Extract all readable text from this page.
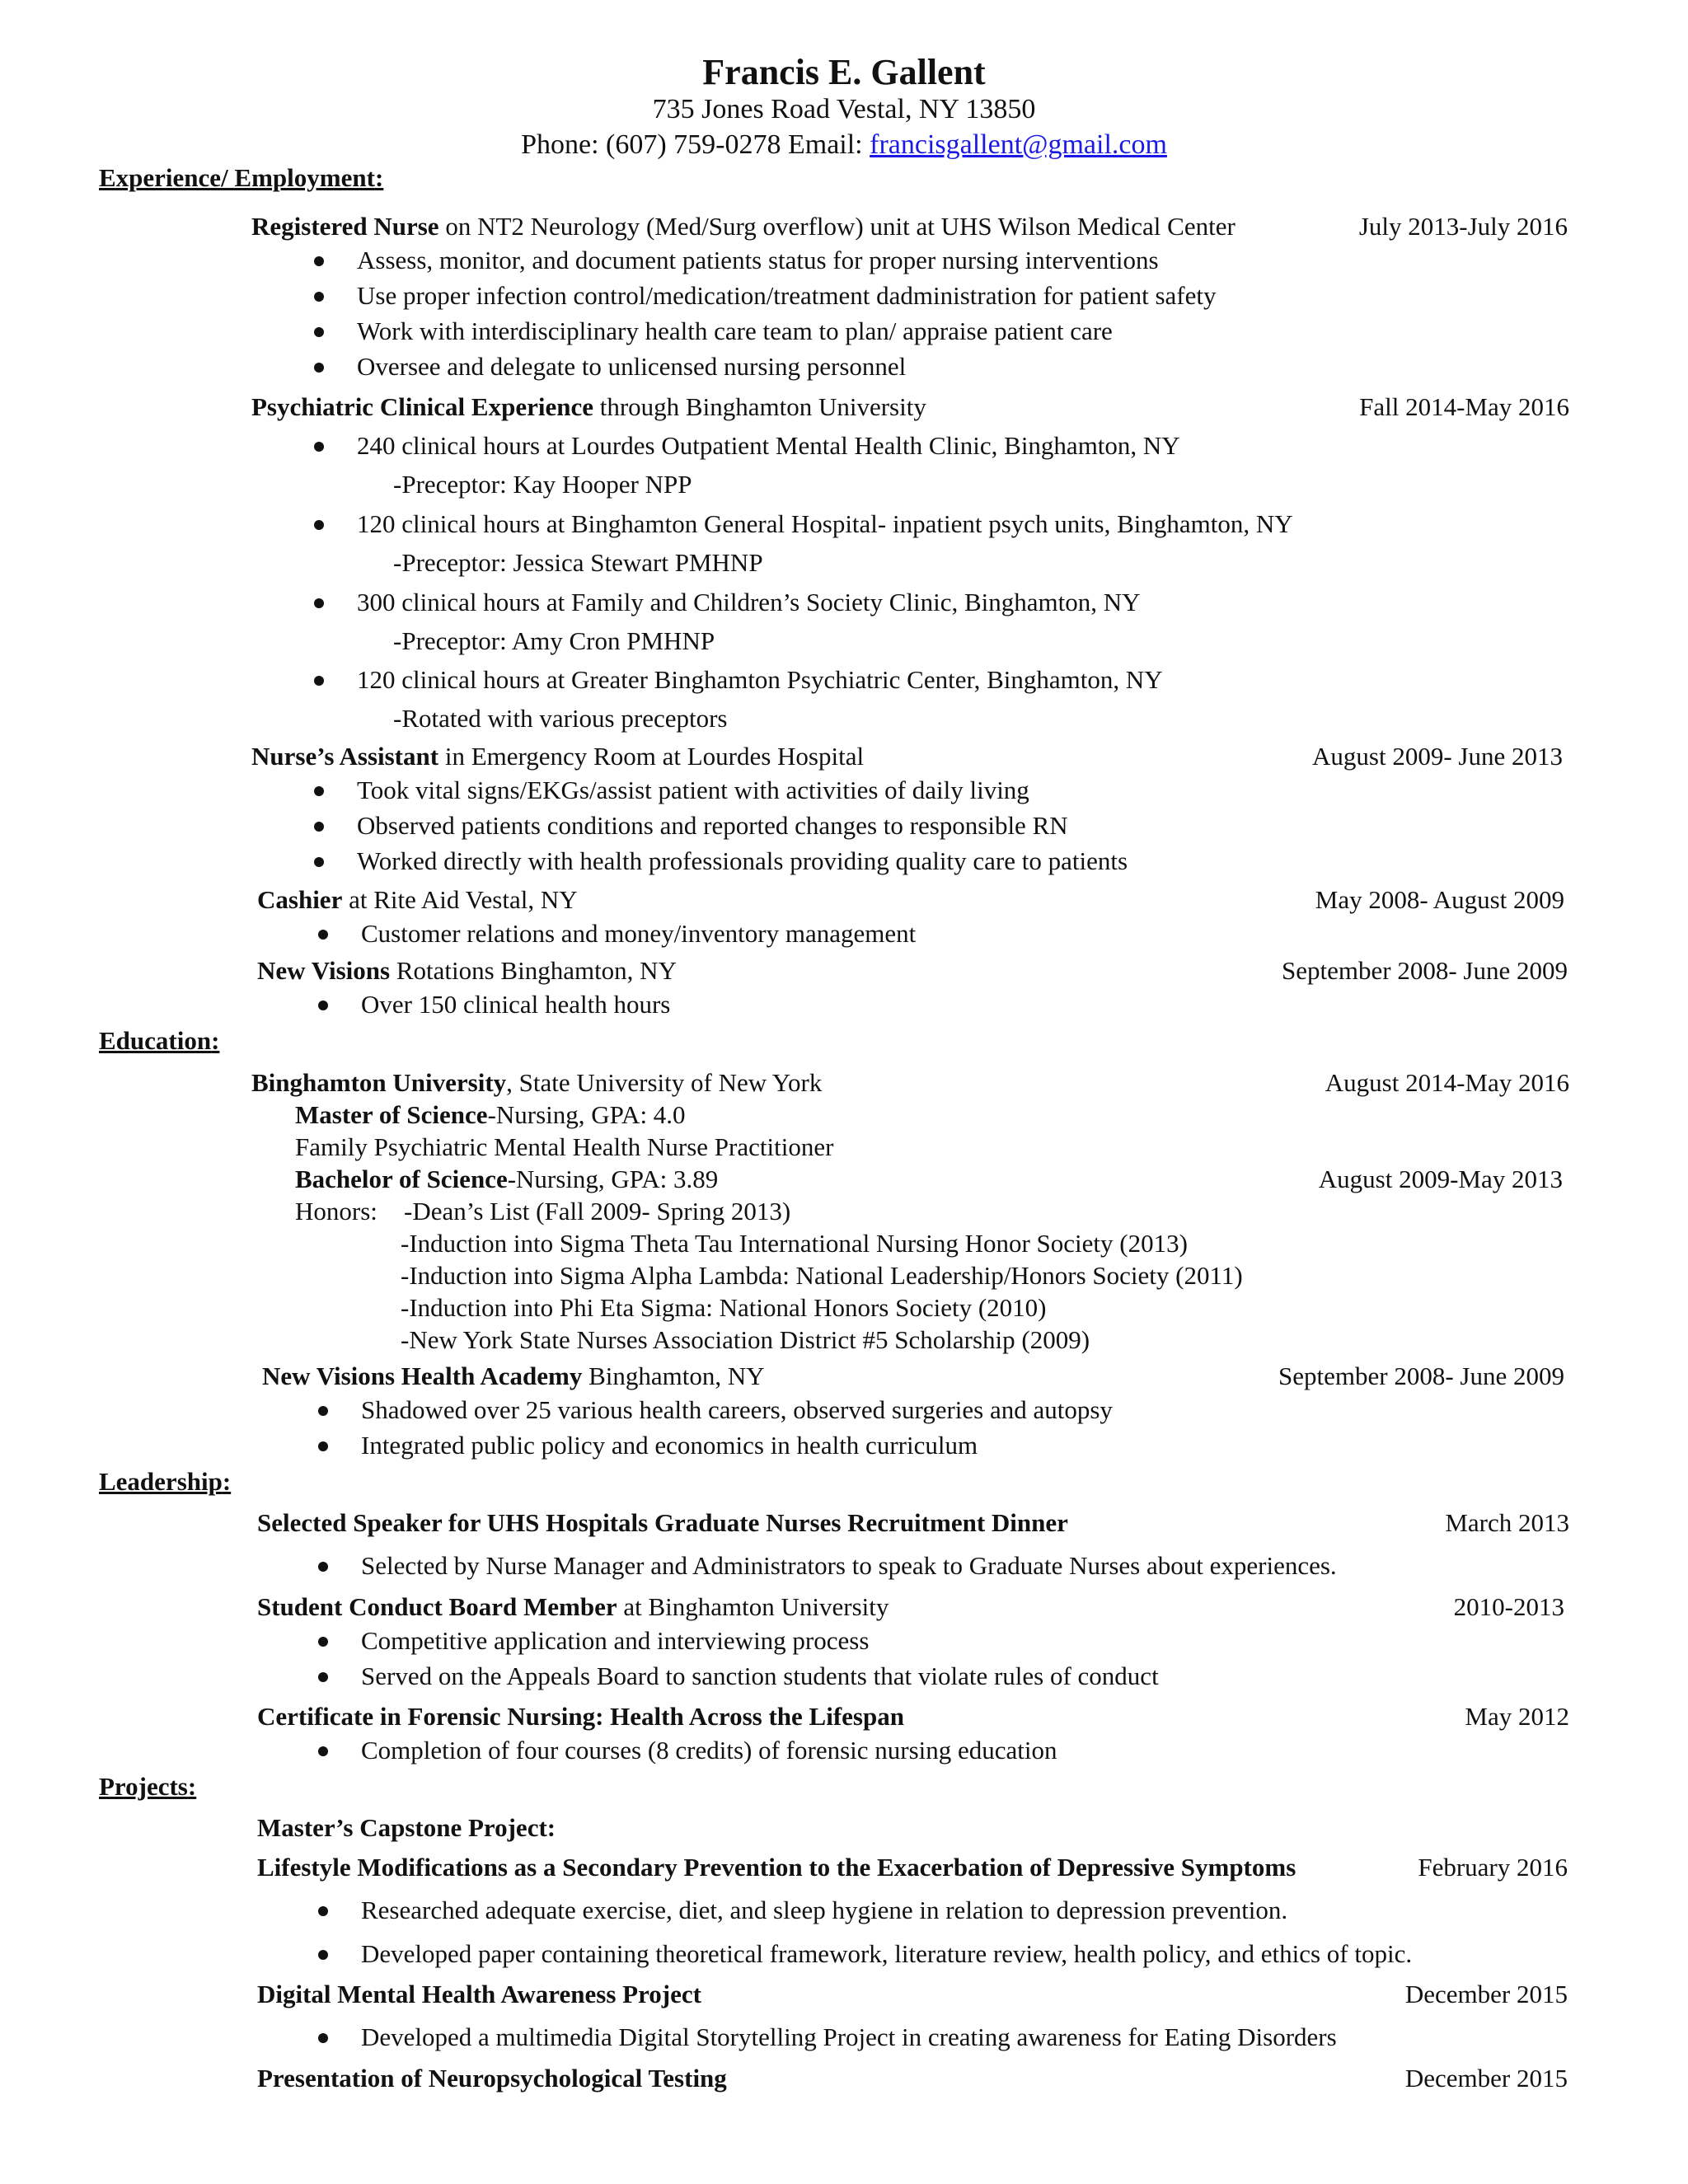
Francis E. Gallent
735 Jones Road Vestal, NY 13850
Phone: (607) 759-0278 Email: francisgallent@gmail.com
Experience/ Employment:
Registered Nurse on NT2 Neurology (Med/Surg overflow) unit at UHS Wilson Medical Center	July 2013-July 2016
Assess, monitor, and document patients status for proper nursing interventions
Use proper infection control/medication/treatment dadministration for patient safety
Work with interdisciplinary health care team to plan/ appraise patient care
Oversee and delegate to unlicensed nursing personnel
Psychiatric Clinical Experience through Binghamton University	Fall 2014-May 2016
240 clinical hours at Lourdes Outpatient Mental Health Clinic, Binghamton, NY
-Preceptor: Kay Hooper NPP
120 clinical hours at Binghamton General Hospital- inpatient psych units, Binghamton, NY
-Preceptor: Jessica Stewart PMHNP
300 clinical hours at Family and Children’s Society Clinic, Binghamton, NY
-Preceptor: Amy Cron PMHNP
120 clinical hours at Greater Binghamton Psychiatric Center, Binghamton, NY
-Rotated with various preceptors
Nurse’s Assistant in Emergency Room at Lourdes Hospital	August 2009- June 2013
Took vital signs/EKGs/assist patient with activities of daily living
Observed patients conditions and reported changes to responsible RN
Worked directly with health professionals providing quality care to patients
Cashier at Rite Aid Vestal, NY	May 2008- August 2009
Customer relations and money/inventory management
New Visions Rotations Binghamton, NY	September 2008- June 2009
Over 150 clinical health hours
Education:
Binghamton University, State University of New York	August 2014-May 2016
Master of Science-Nursing, GPA: 4.0
Family Psychiatric Mental Health Nurse Practitioner
Bachelor of Science-Nursing, GPA: 3.89	August 2009-May 2013
Honors: -Dean’s List (Fall 2009- Spring 2013)
-Induction into Sigma Theta Tau International Nursing Honor Society (2013)
-Induction into Sigma Alpha Lambda: National Leadership/Honors Society (2011)
-Induction into Phi Eta Sigma: National Honors Society (2010)
-New York State Nurses Association District #5 Scholarship (2009)
New Visions Health Academy Binghamton, NY	September 2008- June 2009
Shadowed over 25 various health careers, observed surgeries and autopsy
Integrated public policy and economics in health curriculum
Leadership:
Selected Speaker for UHS Hospitals Graduate Nurses Recruitment Dinner	March 2013
Selected by Nurse Manager and Administrators to speak to Graduate Nurses about experiences.
Student Conduct Board Member at Binghamton University	2010-2013
Competitive application and interviewing process
Served on the Appeals Board to sanction students that violate rules of conduct
Certificate in Forensic Nursing: Health Across the Lifespan	May 2012
Completion of four courses (8 credits) of forensic nursing education
Projects:
Master’s Capstone Project:
Lifestyle Modifications as a Secondary Prevention to the Exacerbation of Depressive Symptoms	February 2016
Researched adequate exercise, diet, and sleep hygiene in relation to depression prevention.
Developed paper containing theoretical framework, literature review, health policy, and ethics of topic.
Digital Mental Health Awareness Project	December 2015
Developed a multimedia Digital Storytelling Project in creating awareness for Eating Disorders
Presentation of Neuropsychological Testing	December 2015
